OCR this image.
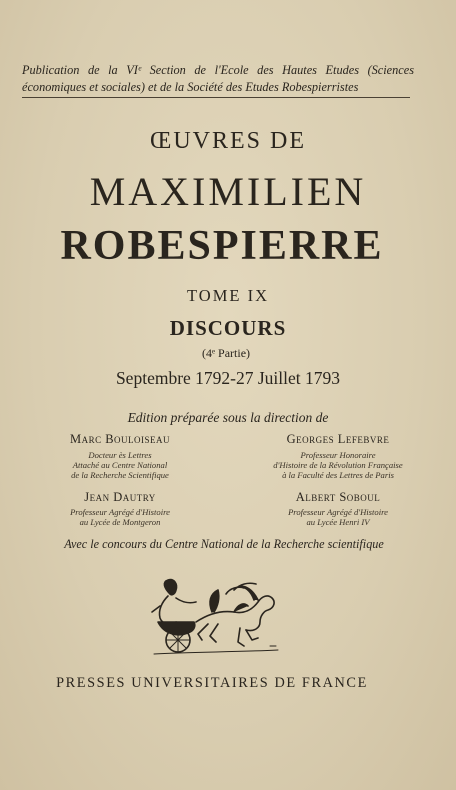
Publication de la VIᵉ Section de l'Ecole des Hautes Etudes (Sciences économiques et sociales) et de la Société des Etudes Robespierristes
ŒUVRES DE
MAXIMILIEN
ROBESPIERRE
TOME IX
DISCOURS
(4ᵉ Partie)
Septembre 1792-27 Juillet 1793
Edition préparée sous la direction de
Marc Bouloiseau
Docteur ès Lettres
Attaché au Centre National
de la Recherche Scientifique
Georges Lefebvre
Professeur Honoraire
d'Histoire de la Révolution Française
à la Faculté des Lettres de Paris
Jean Dautry
Professeur Agrégé d'Histoire
au Lycée de Montgeron
Albert Soboul
Professeur Agrégé d'Histoire
au Lycée Henri IV
Avec le concours du Centre National de la Recherche scientifique
PRESSES UNIVERSITAIRES DE FRANCE
